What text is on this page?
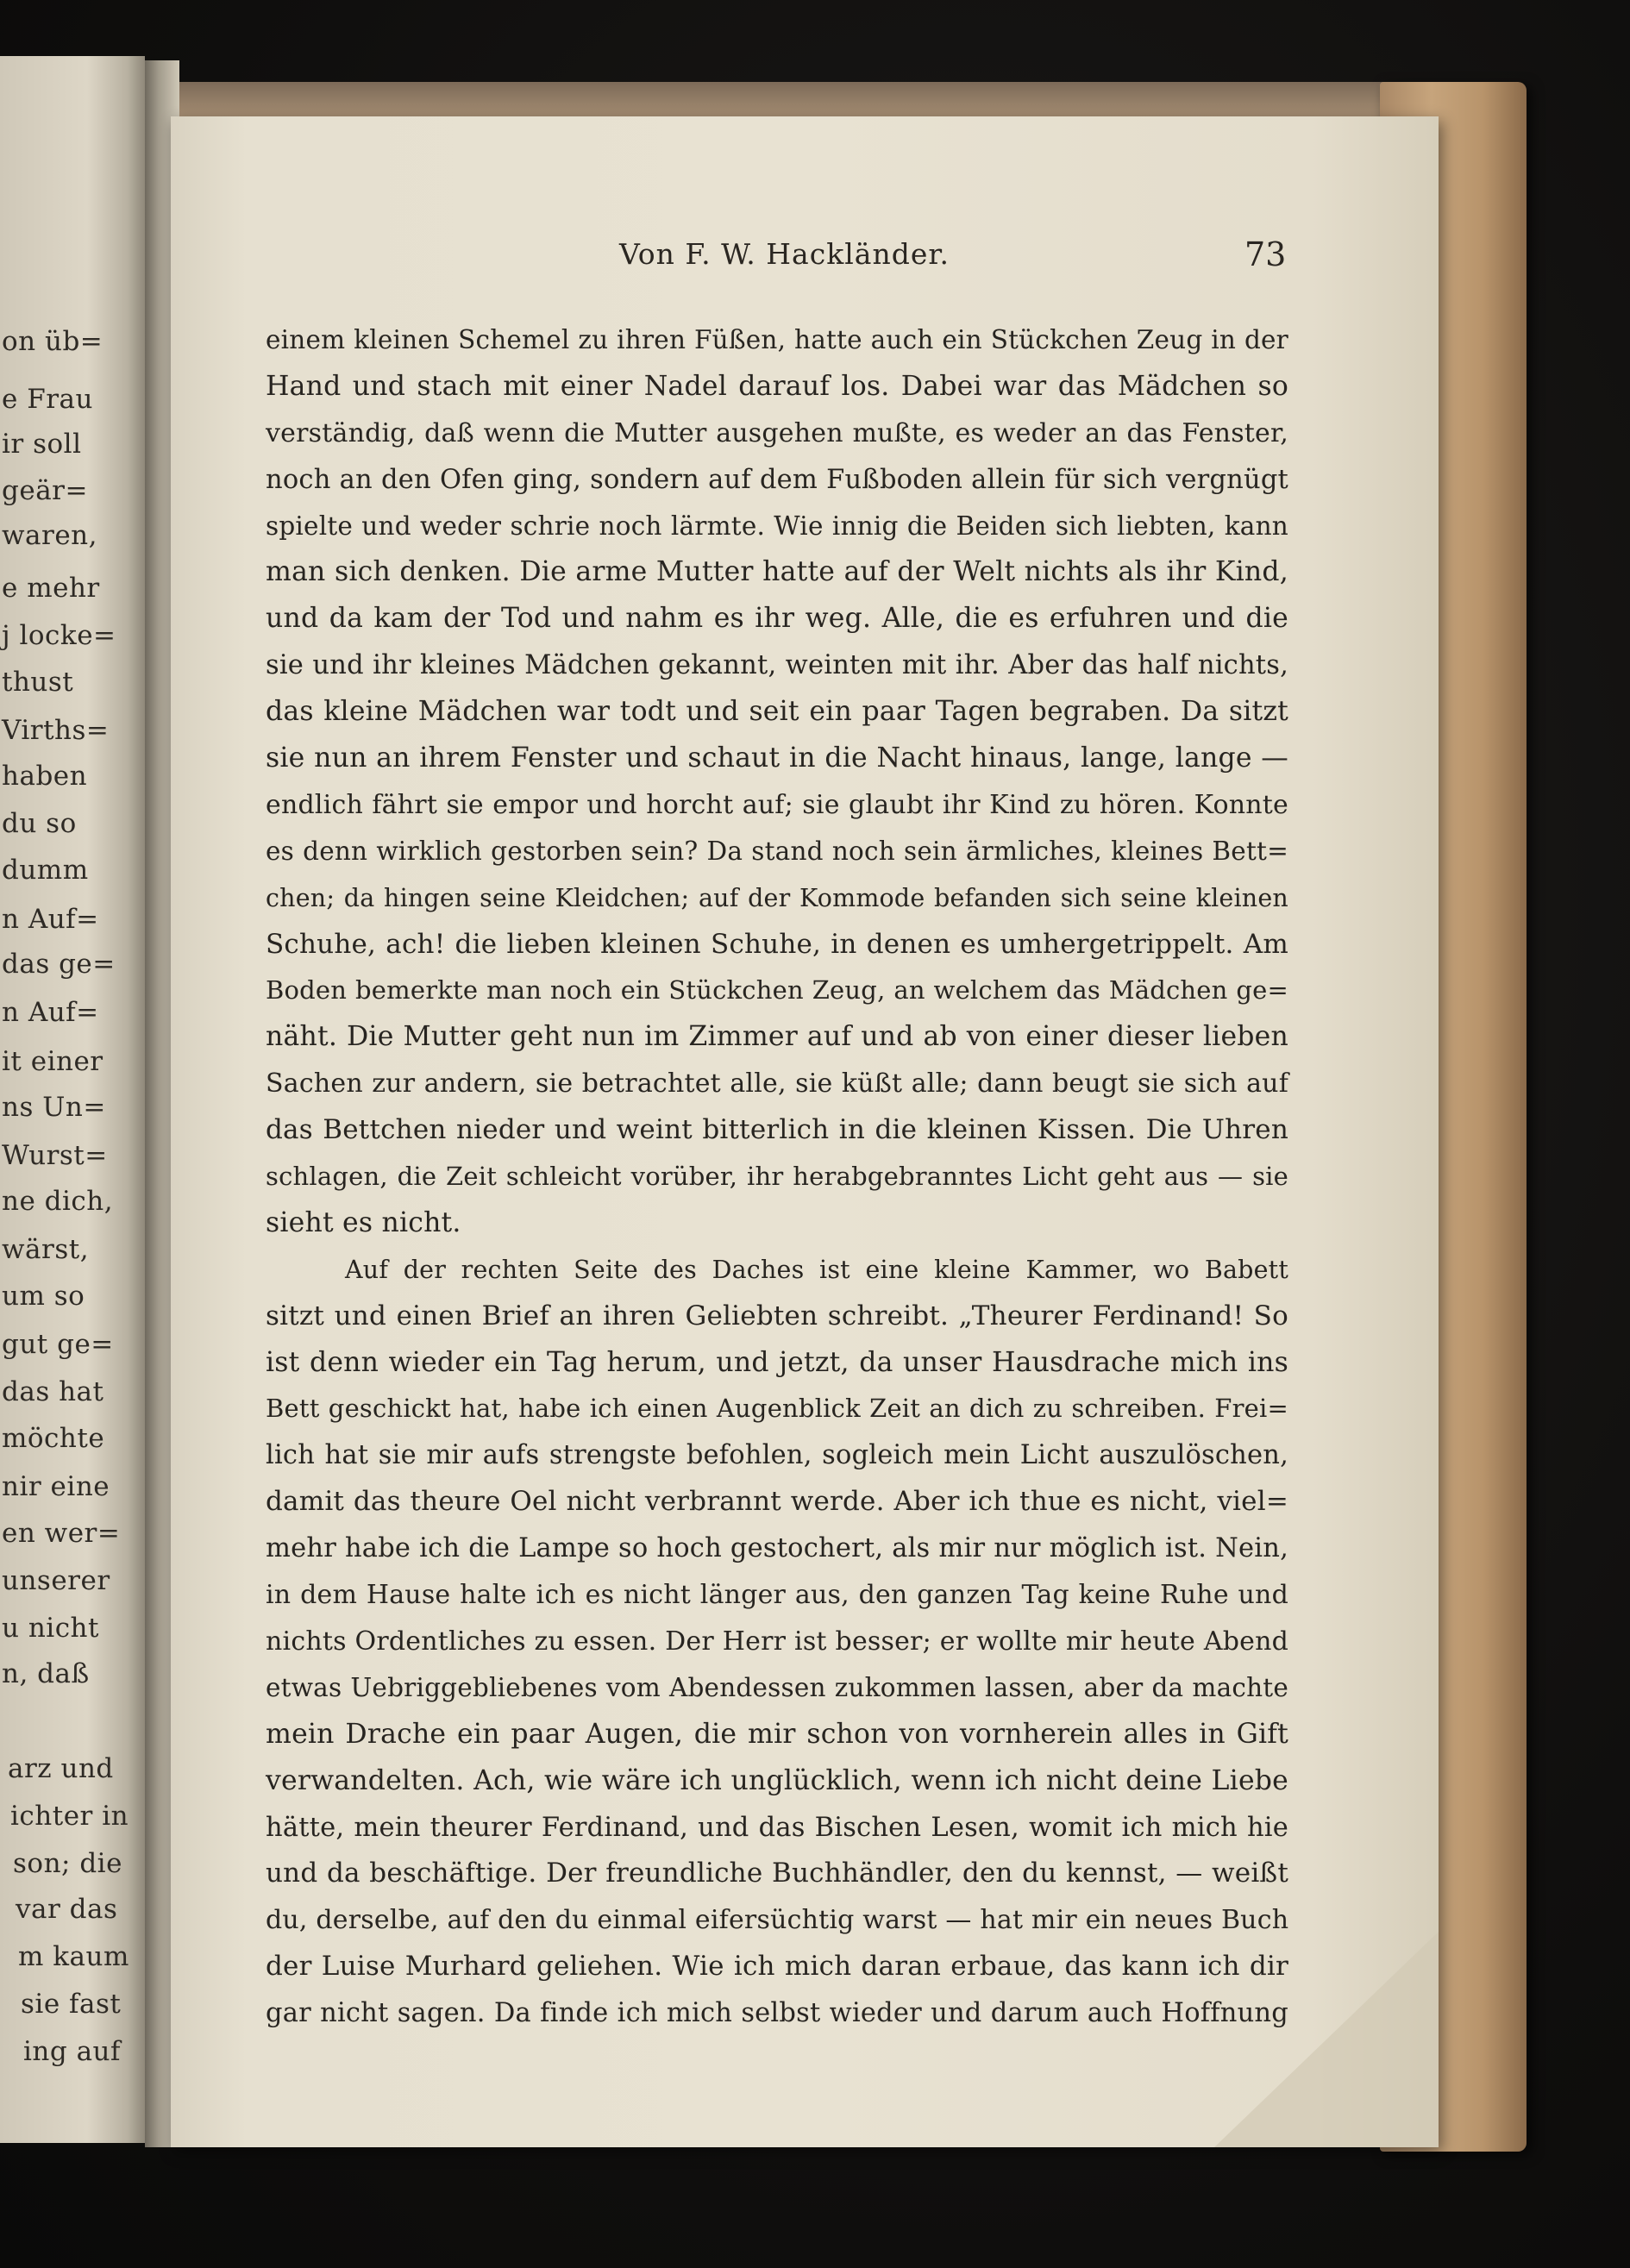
on üb=
e Frau
ir soll
geär=
waren,
e mehr
j locke=
thust
Virths=
haben
du so
dumm
n Auf=
das ge=
n Auf=
it einer
ns Un=
Wurst=
ne dich,
wärst,
um so
gut ge=
das hat
möchte
nir eine
en wer=
unserer
u nicht
n, daß
arz und
ichter in
son; die
var das
m kaum
sie fast
ing auf
Von F. W. Hackländer.	73
einem kleinen Schemel zu ihren Füßen, hatte auch ein Stückchen Zeug in der
Hand und stach mit einer Nadel darauf los. Dabei war das Mädchen so
verständig, daß wenn die Mutter ausgehen mußte, es weder an das Fenster,
noch an den Ofen ging, sondern auf dem Fußboden allein für sich vergnügt
spielte und weder schrie noch lärmte. Wie innig die Beiden sich liebten, kann
man sich denken. Die arme Mutter hatte auf der Welt nichts als ihr Kind,
und da kam der Tod und nahm es ihr weg. Alle, die es erfuhren und die
sie und ihr kleines Mädchen gekannt, weinten mit ihr. Aber das half nichts,
das kleine Mädchen war todt und seit ein paar Tagen begraben. Da sitzt
sie nun an ihrem Fenster und schaut in die Nacht hinaus, lange, lange —
endlich fährt sie empor und horcht auf; sie glaubt ihr Kind zu hören. Konnte
es denn wirklich gestorben sein? Da stand noch sein ärmliches, kleines Bett=
chen; da hingen seine Kleidchen; auf der Kommode befanden sich seine kleinen
Schuhe, ach! die lieben kleinen Schuhe, in denen es umhergetrippelt. Am
Boden bemerkte man noch ein Stückchen Zeug, an welchem das Mädchen ge=
näht. Die Mutter geht nun im Zimmer auf und ab von einer dieser lieben
Sachen zur andern, sie betrachtet alle, sie küßt alle; dann beugt sie sich auf
das Bettchen nieder und weint bitterlich in die kleinen Kissen. Die Uhren
schlagen, die Zeit schleicht vorüber, ihr herabgebranntes Licht geht aus — sie
sieht es nicht.
Auf der rechten Seite des Daches ist eine kleine Kammer, wo Babett
sitzt und einen Brief an ihren Geliebten schreibt. „Theurer Ferdinand! So
ist denn wieder ein Tag herum, und jetzt, da unser Hausdrache mich ins
Bett geschickt hat, habe ich einen Augenblick Zeit an dich zu schreiben. Frei=
lich hat sie mir aufs strengste befohlen, sogleich mein Licht auszulöschen,
damit das theure Oel nicht verbrannt werde. Aber ich thue es nicht, viel=
mehr habe ich die Lampe so hoch gestochert, als mir nur möglich ist. Nein,
in dem Hause halte ich es nicht länger aus, den ganzen Tag keine Ruhe und
nichts Ordentliches zu essen. Der Herr ist besser; er wollte mir heute Abend
etwas Uebriggebliebenes vom Abendessen zukommen lassen, aber da machte
mein Drache ein paar Augen, die mir schon von vornherein alles in Gift
verwandelten. Ach, wie wäre ich unglücklich, wenn ich nicht deine Liebe
hätte, mein theurer Ferdinand, und das Bischen Lesen, womit ich mich hie
und da beschäftige. Der freundliche Buchhändler, den du kennst, — weißt
du, derselbe, auf den du einmal eifersüchtig warst — hat mir ein neues Buch
der Luise Murhard geliehen. Wie ich mich daran erbaue, das kann ich dir
gar nicht sagen. Da finde ich mich selbst wieder und darum auch Hoffnung
